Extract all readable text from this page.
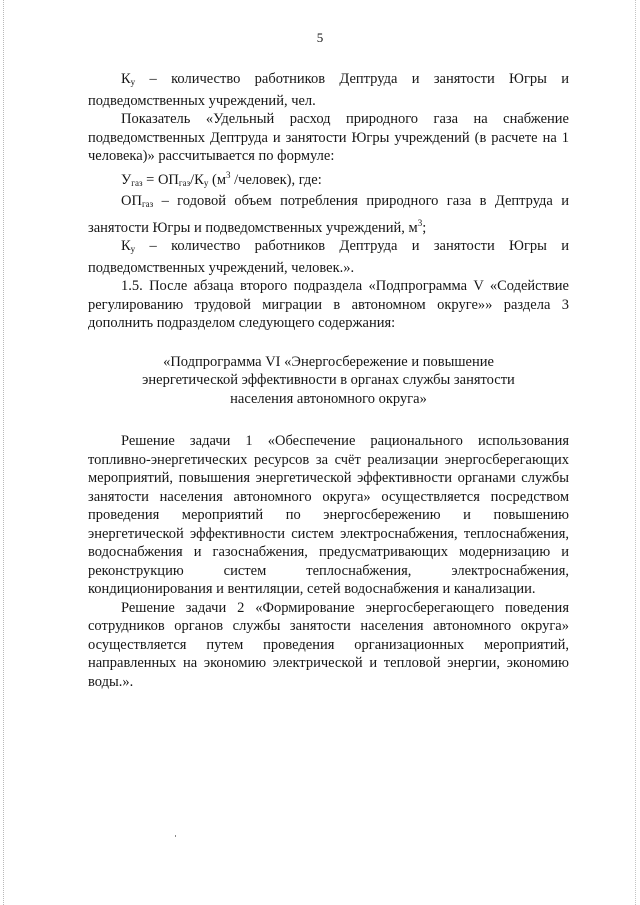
5

$К_у$ – количество работников Дептруда и занятости Югры и подведомственных учреждений, чел.

Показатель «Удельный расход природного газа на снабжение подведомственных Дептруда и занятости Югры учреждений (в расчете на 1 человека)» рассчитывается по формуле:

$У_{газ} = ОП_{газ}/К_у$ ($м^3$ /человек), где:

$ОП_{газ}$ – годовой объем потребления природного газа в Дептруда и занятости Югры и подведомственных учреждений, $м^3$;

$К_у$ – количество работников Дептруда и занятости Югры и подведомственных учреждений, человек.».

1.5. После абзаца второго подраздела «Подпрограмма V «Содействие регулированию трудовой миграции в автономном округе»» раздела 3 дополнить подразделом следующего содержания:

«Подпрограмма VI «Энергосбережение и повышение
энергетической эффективности в органах службы занятости
населения автономного округа»

Решение задачи 1 «Обеспечение рационального использования топливно-энергетических ресурсов за счёт реализации энергосберегающих мероприятий, повышения энергетической эффективности органами службы занятости населения автономного округа» осуществляется посредством проведения мероприятий по энергосбережению и повышению энергетической эффективности систем электроснабжения, теплоснабжения, водоснабжения и газоснабжения, предусматривающих модернизацию и реконструкцию систем теплоснабжения, электроснабжения, кондиционирования и вентиляции, сетей водоснабжения и канализации.

Решение задачи 2 «Формирование энергосберегающего поведения сотрудников органов службы занятости населения автономного округа» осуществляется путем проведения организационных мероприятий, направленных на экономию электрической и тепловой энергии, экономию воды.».
